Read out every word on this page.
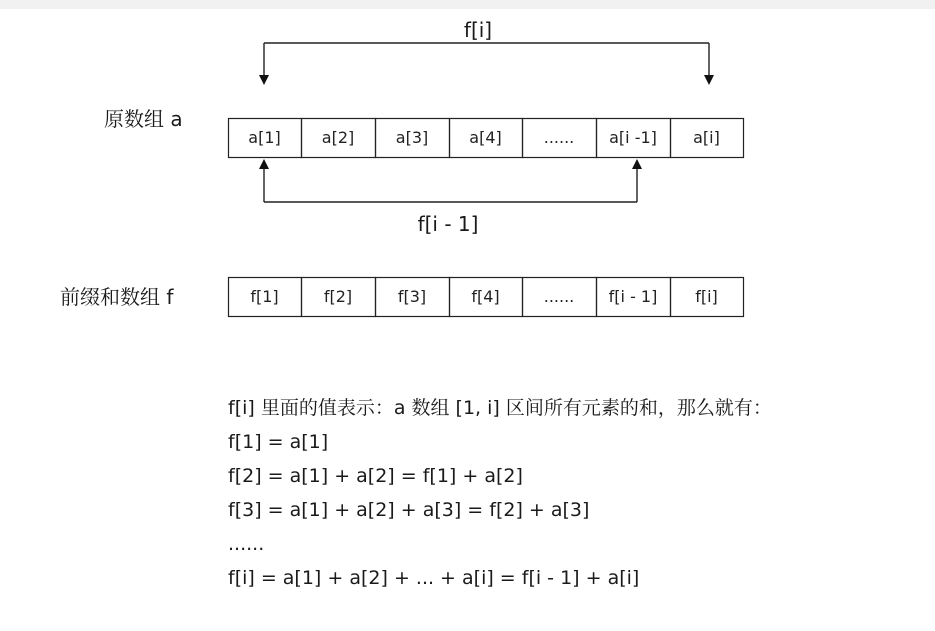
f[i]
f[i - 1]
原数组 a
前缀和数组 f
a[1]	a[2]	a[3]	a[4]	......	a[i -1]	a[i]
f[1]	f[2]	f[3]	f[4]	......	f[i - 1]	f[i]
f[i] 里面的值表示：a 数组 [1, i] 区间所有元素的和，那么就有：
f[1] = a[1]
f[2] = a[1] + a[2] = f[1] + a[2]
f[3] = a[1] + a[2] + a[3] = f[2] + a[3]
......
f[i] = a[1] + a[2] + ... + a[i] = f[i - 1] + a[i]
